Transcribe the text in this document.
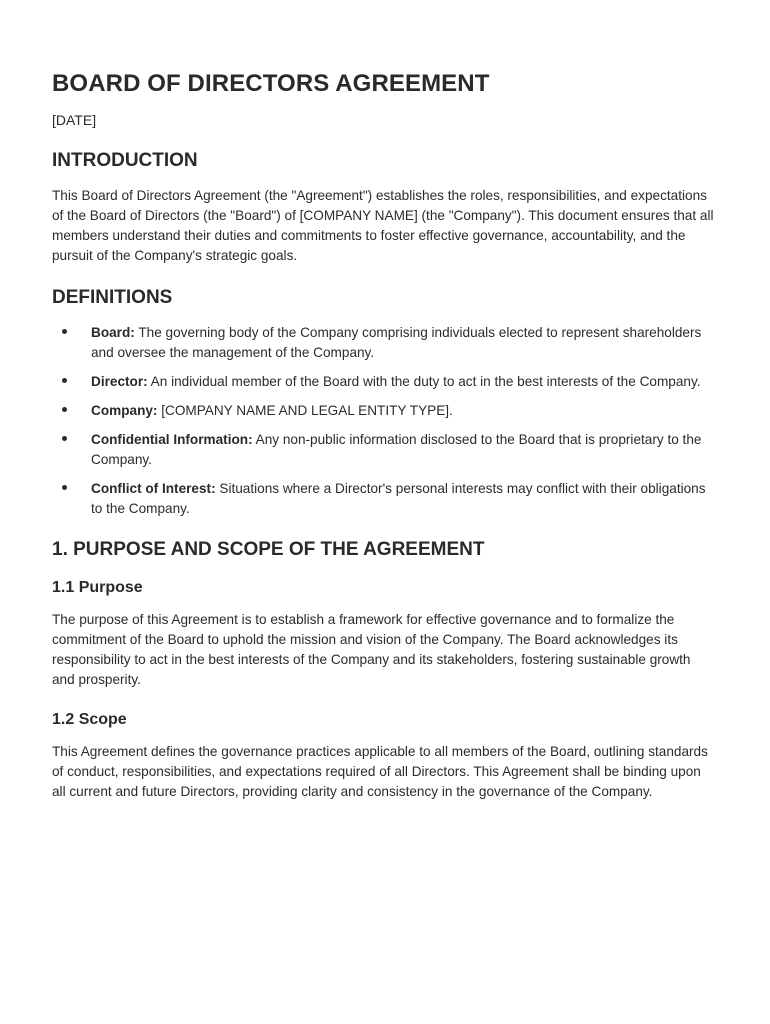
BOARD OF DIRECTORS AGREEMENT
[DATE]
INTRODUCTION

This Board of Directors Agreement (the "Agreement") establishes the roles, responsibilities, and expectations of the Board of Directors (the "Board") of [COMPANY NAME] (the "Company"). This document ensures that all members understand their duties and commitments to foster effective governance, accountability, and the pursuit of the Company's strategic goals.

DEFINITIONS
Board: The governing body of the Company comprising individuals elected to represent shareholders and oversee the management of the Company.
Director: An individual member of the Board with the duty to act in the best interests of the Company.
Company: [COMPANY NAME AND LEGAL ENTITY TYPE].
Confidential Information: Any non-public information disclosed to the Board that is proprietary to the Company.
Conflict of Interest: Situations where a Director's personal interests may conflict with their obligations to the Company.
1. PURPOSE AND SCOPE OF THE AGREEMENT
1.1 Purpose

The purpose of this Agreement is to establish a framework for effective governance and to formalize the commitment of the Board to uphold the mission and vision of the Company. The Board acknowledges its responsibility to act in the best interests of the Company and its stakeholders, fostering sustainable growth and prosperity.

1.2 Scope

This Agreement defines the governance practices applicable to all members of the Board, outlining standards of conduct, responsibilities, and expectations required of all Directors. This Agreement shall be binding upon all current and future Directors, providing clarity and consistency in the governance of the Company.
